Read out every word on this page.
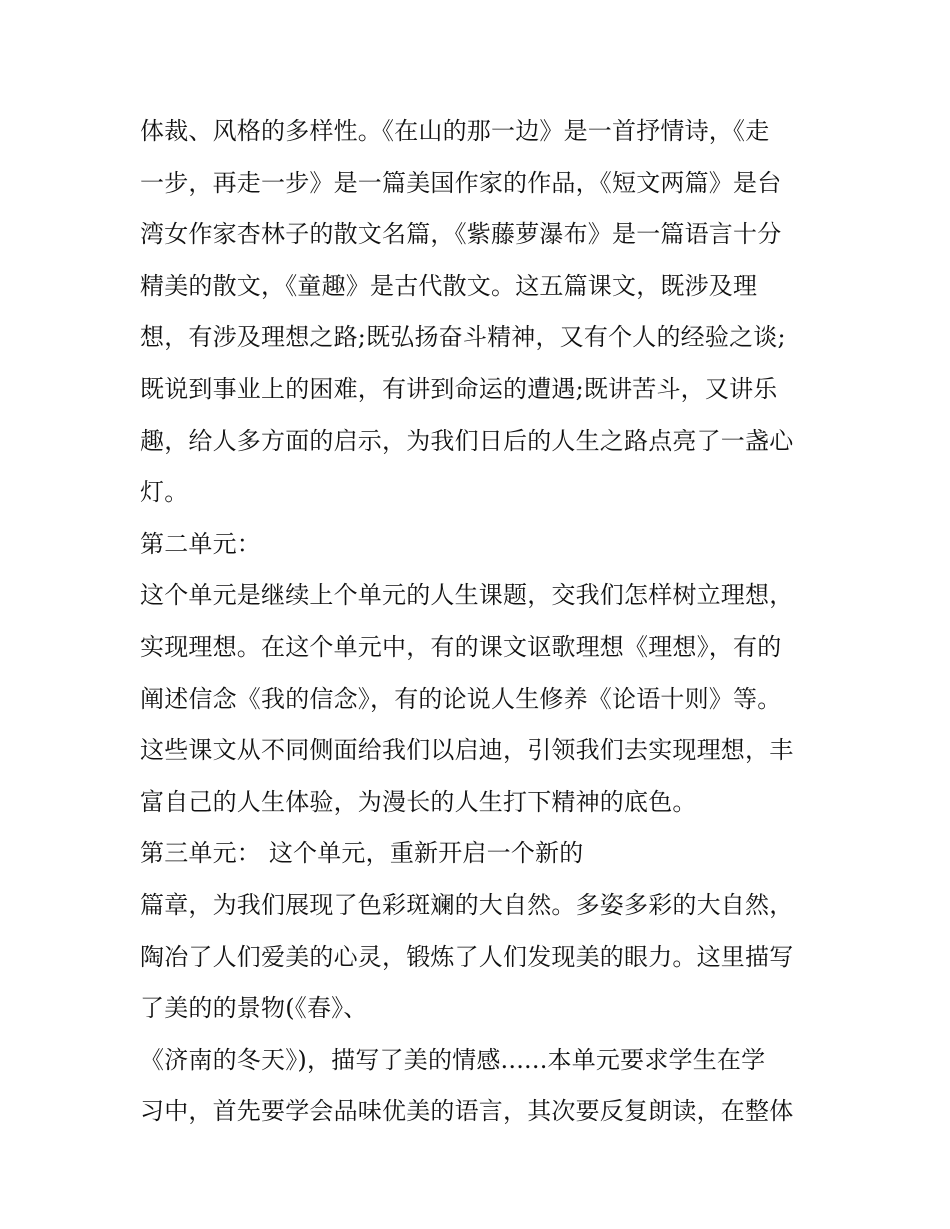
体裁、风格的多样性。《在山的那一边》是一首抒情诗，《走
一步，再走一步》是一篇美国作家的作品，《短文两篇》是台
湾女作家杏林子的散文名篇，《紫藤萝瀑布》是一篇语言十分
精美的散文，《童趣》是古代散文。这五篇课文，既涉及理
想，有涉及理想之路;既弘扬奋斗精神，又有个人的经验之谈;
既说到事业上的困难，有讲到命运的遭遇;既讲苦斗，又讲乐
趣，给人多方面的启示，为我们日后的人生之路点亮了一盏心
灯。
第二单元：
这个单元是继续上个单元的人生课题，交我们怎样树立理想，
实现理想。在这个单元中，有的课文讴歌理想《理想》，有的
阐述信念《我的信念》，有的论说人生修养《论语十则》等。
这些课文从不同侧面给我们以启迪，引领我们去实现理想，丰
富自己的人生体验，为漫长的人生打下精神的底色。
第三单元： 这个单元，重新开启一个新的
篇章，为我们展现了色彩斑斓的大自然。多姿多彩的大自然，
陶冶了人们爱美的心灵，锻炼了人们发现美的眼力。这里描写
了美的的景物(《春》、
《济南的冬天》)，描写了美的情感......本单元要求学生在学
习中，首先要学会品味优美的语言，其次要反复朗读，在整体
